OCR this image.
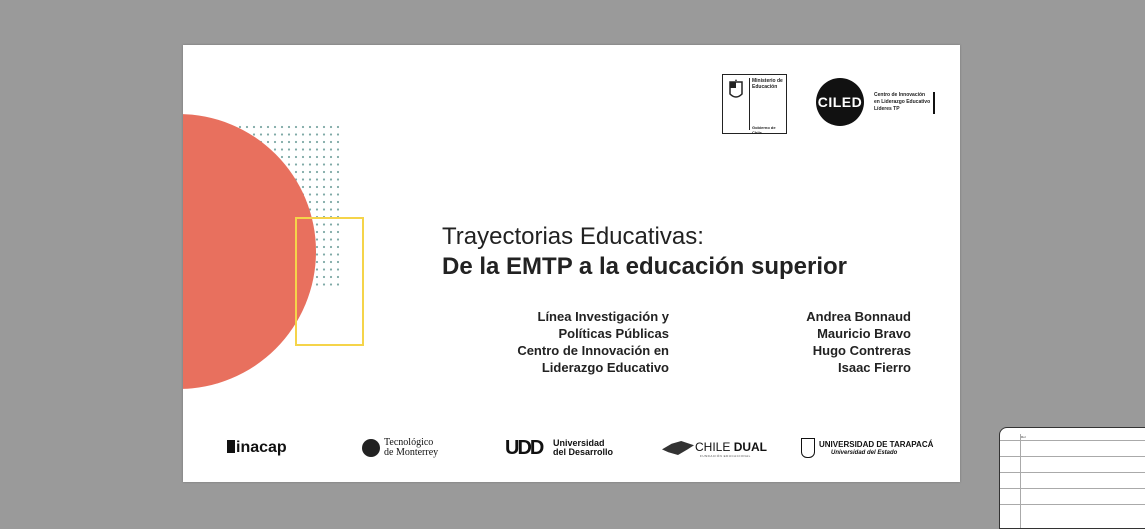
Ministerio de
Educación
Gobierno de Chile
CILED	Centro de Innovación
en Liderazgo Educativo
Líderes TP
Trayectorias Educativas:
De la EMTP a la educación superior
Línea Investigación y
Políticas Públicas
Centro de Innovación en
Liderazgo Educativo
Andrea Bonnaud
Mauricio Bravo
Hugo Contreras
Isaac Fierro
inacap	Tecnológico
de Monterrey	UDD Universidad
del Desarrollo	CHILE DUAL
FUNDACIÓN EDUCACIONAL
UNIVERSIDAD DE TARAPACÁ
Universidad del Estado
Rol
